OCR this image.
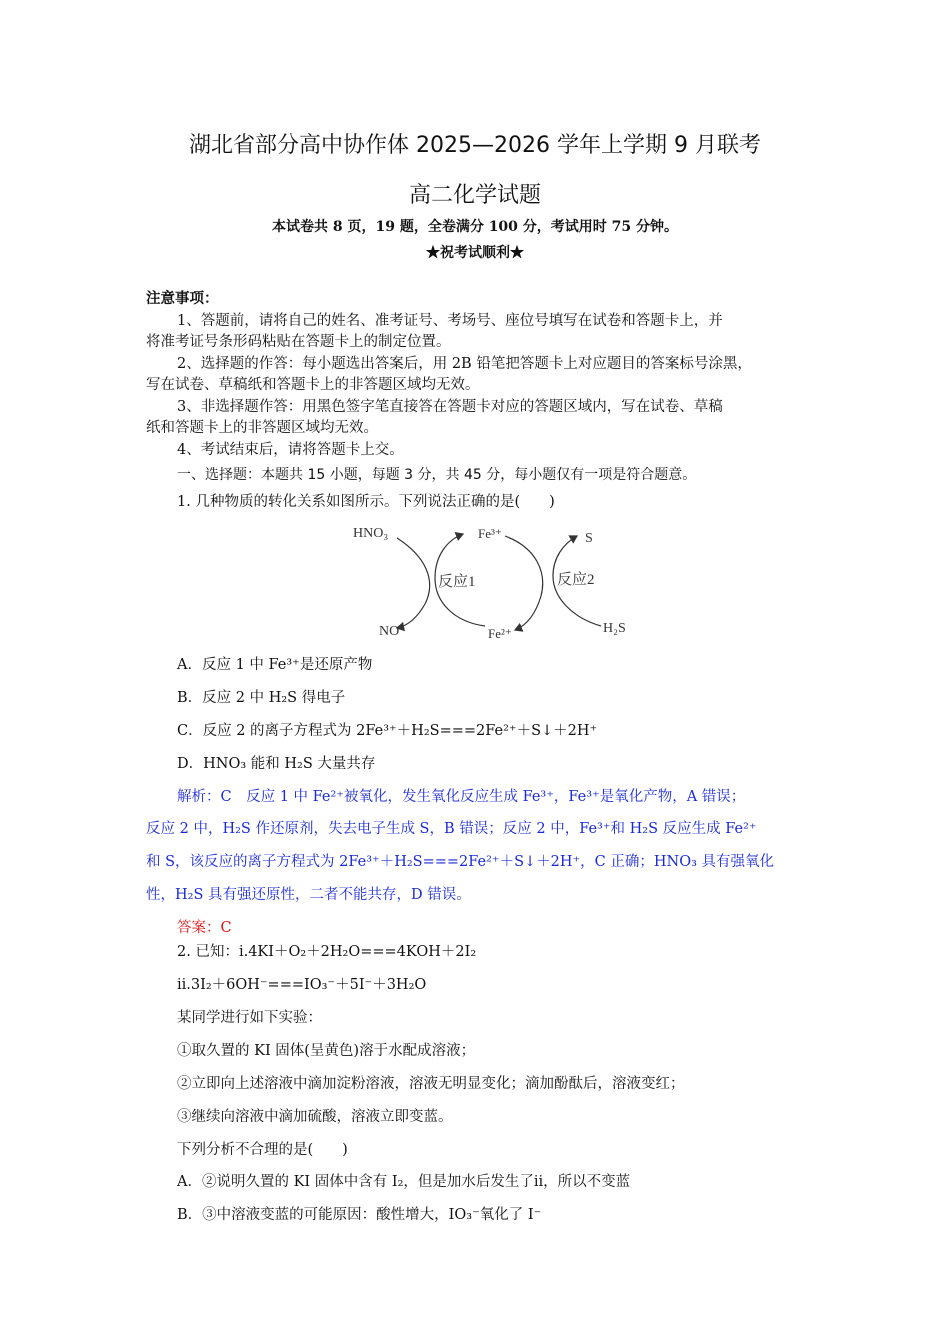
湖北省部分高中协作体 2025—2026 学年上学期 9 月联考
高二化学试题
本试卷共 8 页，19 题，全卷满分 100 分，考试用时 75 分钟。
★祝考试顺利★
注意事项：
1、答题前，请将自己的姓名、准考证号、考场号、座位号填写在试卷和答题卡上，并
将准考证号条形码粘贴在答题卡上的制定位置。
2、选择题的作答：每小题选出答案后，用 2B 铅笔把答题卡上对应题目的答案标号涂黑，
写在试卷、草稿纸和答题卡上的非答题区域均无效。
3、非选择题作答：用黑色签字笔直接答在答题卡对应的答题区域内，写在试卷、草稿
纸和答题卡上的非答题区域均无效。
4、考试结束后，请将答题卡上交。
一、选择题：本题共 15 小题，每题 3 分，共 45 分，每小题仅有一项是符合题意。
1. 几种物质的转化关系如图所示。下列说法正确的是(　　)
HNO₃
NO
Fe³⁺
Fe²⁺
S
H₂S
反应1	反应2
A．反应 1 中 Fe³⁺是还原产物
B．反应 2 中 H₂S 得电子
C．反应 2 的离子方程式为 2Fe³⁺＋H₂S===2Fe²⁺＋S↓＋2H⁺
D．HNO₃ 能和 H₂S 大量共存
解析：C　反应 1 中 Fe²⁺被氧化，发生氧化反应生成 Fe³⁺，Fe³⁺是氧化产物，A 错误；
反应 2 中，H₂S 作还原剂，失去电子生成 S，B 错误；反应 2 中，Fe³⁺和 H₂S 反应生成 Fe²⁺
和 S，该反应的离子方程式为 2Fe³⁺＋H₂S===2Fe²⁺＋S↓＋2H⁺，C 正确；HNO₃ 具有强氧化
性，H₂S 具有强还原性，二者不能共存，D 错误。
答案：C
2. 已知：ⅰ.4KI＋O₂＋2H₂O===4KOH＋2I₂
ⅱ.3I₂＋6OH⁻===IO₃⁻＋5I⁻＋3H₂O
某同学进行如下实验：
①取久置的 KI 固体(呈黄色)溶于水配成溶液；
②立即向上述溶液中滴加淀粉溶液，溶液无明显变化；滴加酚酞后，溶液变红；
③继续向溶液中滴加硫酸，溶液立即变蓝。
下列分析不合理的是(　　)
A．②说明久置的 KI 固体中含有 I₂，但是加水后发生了ⅱ，所以不变蓝
B．③中溶液变蓝的可能原因：酸性增大，IO₃⁻氧化了 I⁻
